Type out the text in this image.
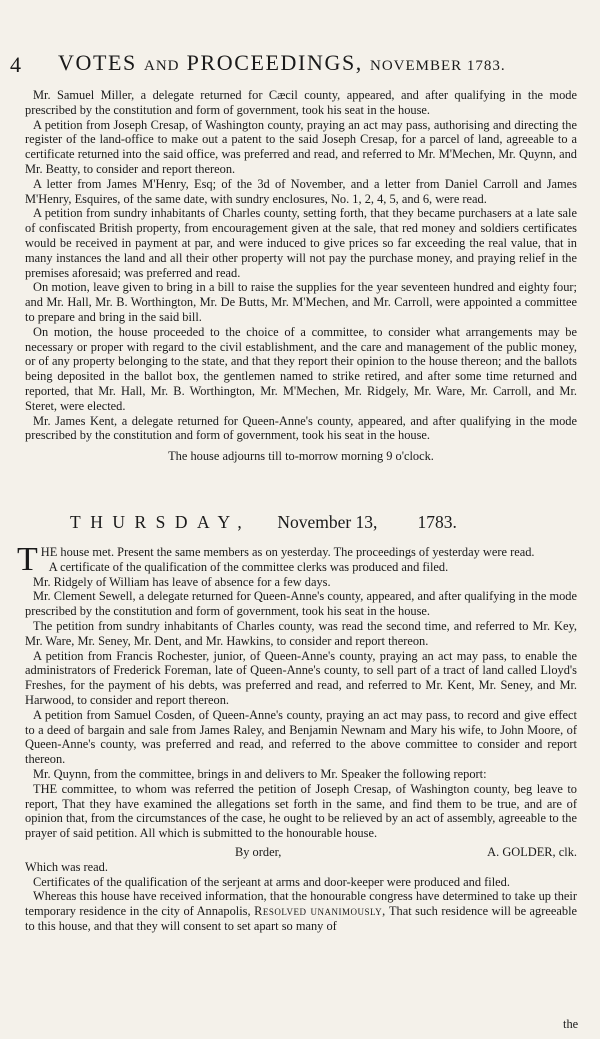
4 VOTES AND PROCEEDINGS, NOVEMBER 1783.

Mr. Samuel Miller, a delegate returned for Cæcil county, appeared, and after qualifying in the mode prescribed by the constitution and form of government, took his seat in the house.

A petition from Joseph Cresap, of Washington county, praying an act may pass, authorising and directing the register of the land-office to make out a patent to the said Joseph Cresap, for a parcel of land, agreeable to a certificate returned into the said office, was preferred and read, and referred to Mr. M'Mechen, Mr. Quynn, and Mr. Beatty, to consider and report thereon.

A letter from James M'Henry, Esq; of the 3d of November, and a letter from Daniel Carroll and James M'Henry, Esquires, of the same date, with sundry enclosures, No. 1, 2, 4, 5, and 6, were read.

A petition from sundry inhabitants of Charles county, setting forth, that they became purchasers at a late sale of confiscated British property, from encouragement given at the sale, that red money and soldiers certificates would be received in payment at par, and were induced to give prices so far exceeding the real value, that in many instances the land and all their other property will not pay the purchase money, and praying relief in the premises aforesaid; was preferred and read.

On motion, leave given to bring in a bill to raise the supplies for the year seventeen hundred and eighty four; and Mr. Hall, Mr. B. Worthington, Mr. De Butts, Mr. M'Mechen, and Mr. Carroll, were appointed a committee to prepare and bring in the said bill.

On motion, the house proceeded to the choice of a committee, to consider what arrangements may be necessary or proper with regard to the civil establishment, and the care and management of the public money, or of any property belonging to the state, and that they report their opinion to the house thereon; and the ballots being deposited in the ballot box, the gentlemen named to strike retired, and after some time returned and reported, that Mr. Hall, Mr. B. Worthington, Mr. M'Mechen, Mr. Ridgely, Mr. Ware, Mr. Carroll, and Mr. Steret, were elected.

Mr. James Kent, a delegate returned for Queen-Anne's county, appeared, and after qualifying in the mode prescribed by the constitution and form of government, took his seat in the house.

The house adjourns till to-morrow morning 9 o'clock.

THURSDAY, November 13, 1783.

THE house met. Present the same members as on yesterday. The proceedings of yesterday were read.

A certificate of the qualification of the committee clerks was produced and filed.

Mr. Ridgely of William has leave of absence for a few days.

Mr. Clement Sewell, a delegate returned for Queen-Anne's county, appeared, and after qualifying in the mode prescribed by the constitution and form of government, took his seat in the house.

The petition from sundry inhabitants of Charles county, was read the second time, and referred to Mr. Key, Mr. Ware, Mr. Seney, Mr. Dent, and Mr. Hawkins, to consider and report thereon.

A petition from Francis Rochester, junior, of Queen-Anne's county, praying an act may pass, to enable the administrators of Frederick Foreman, late of Queen-Anne's county, to sell part of a tract of land called Lloyd's Freshes, for the payment of his debts, was preferred and read, and referred to Mr. Kent, Mr. Seney, and Mr. Harwood, to consider and report thereon.

A petition from Samuel Cosden, of Queen-Anne's county, praying an act may pass, to record and give effect to a deed of bargain and sale from James Raley, and Benjamin Newnam and Mary his wife, to John Moore, of Queen-Anne's county, was preferred and read, and referred to the above committee to consider and report thereon.

Mr. Quynn, from the committee, brings in and delivers to Mr. Speaker the following report:

THE committee, to whom was referred the petition of Joseph Cresap, of Washington county, beg leave to report, That they have examined the allegations set forth in the same, and find them to be true, and are of opinion that, from the circumstances of the case, he ought to be relieved by an act of assembly, agreeable to the prayer of said petition. All which is submitted to the honourable house.

By order,	A. GOLDER, clk.

Which was read.

Certificates of the qualification of the serjeant at arms and door-keeper were produced and filed.

Whereas this house have received information, that the honourable congress have determined to take up their temporary residence in the city of Annapolis, Resolved unanimously, That such residence will be agreeable to this house, and that they will consent to set apart so many of

the
